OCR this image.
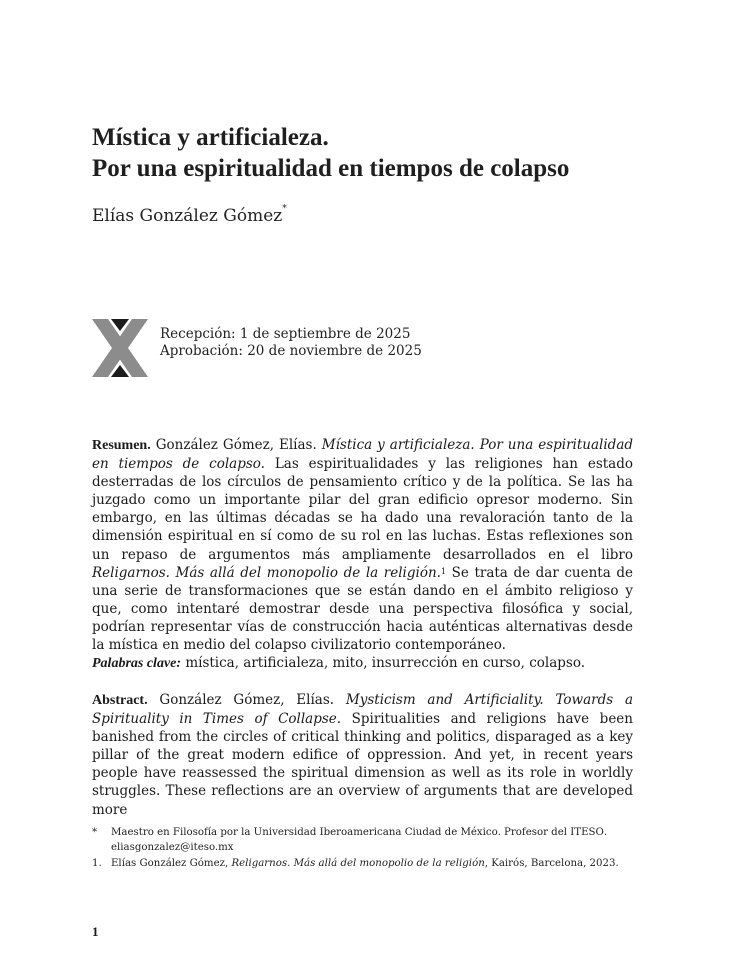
Mística y artificialeza.
Por una espiritualidad en tiempos de colapso
Elías González Gómez*
Recepción: 1 de septiembre de 2025
Aprobación: 20 de noviembre de 2025
Resumen. González Gómez, Elías. Mística y artificialeza. Por una espiritualidad en tiempos de colapso. Las espiritualidades y las religiones han estado desterradas de los círculos de pensamiento crítico y de la política. Se las ha juzgado como un importante pilar del gran edificio opresor moderno. Sin embargo, en las últimas décadas se ha dado una revaloración tanto de la dimensión espiritual en sí como de su rol en las luchas. Estas reflexiones son un repaso de argumentos más ampliamente desarrollados en el libro Religarnos. Más allá del monopolio de la religión.$^1$ Se trata de dar cuenta de una serie de transformaciones que se están dando en el ámbito religioso y que, como intentaré demostrar desde una perspectiva filosófica y social, podrían representar vías de construcción hacia auténticas alternativas desde la mística en medio del colapso civilizatorio contemporáneo.
Palabras clave: mística, artificialeza, mito, insurrección en curso, colapso.
Abstract. González Gómez, Elías. Mysticism and Artificiality. Towards a Spirituality in Times of Collapse. Spiritualities and religions have been banished from the circles of critical thinking and politics, disparaged as a key pillar of the great modern edifice of oppression. And yet, in recent years people have reassessed the spiritual dimension as well as its role in worldly struggles. These reflections are an overview of arguments that are developed more
*	Maestro en Filosofía por la Universidad Iberoamericana Ciudad de México. Profesor del ITESO.
eliasgonzalez@iteso.mx
1. Elías González Gómez, Religarnos. Más allá del monopolio de la religión, Kairós, Barcelona, 2023.
1
